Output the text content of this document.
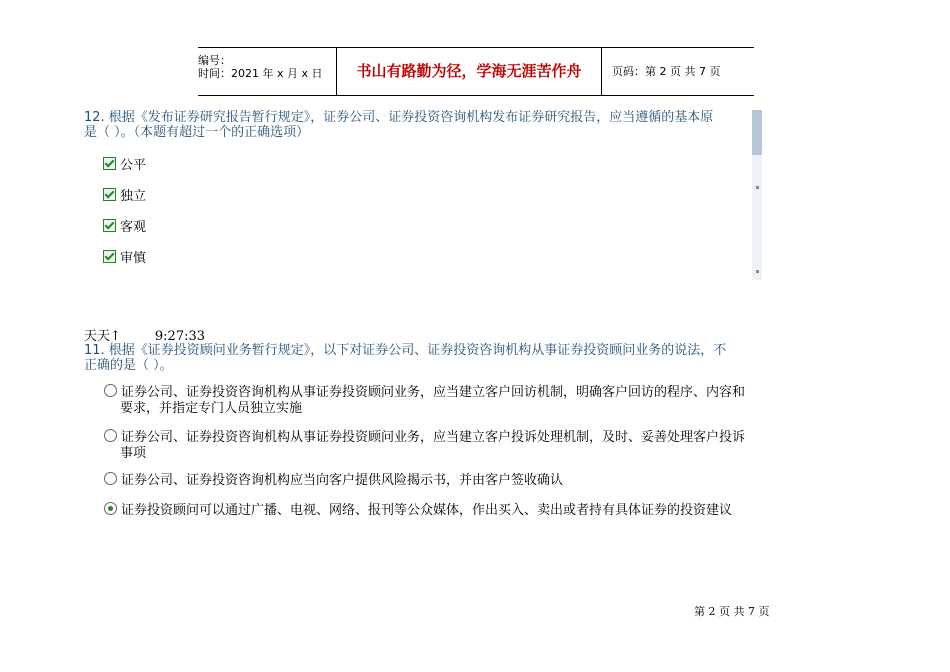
编号：
时间：2021 年 x 月 x 日	书山有路勤为径，学海无涯苦作舟	页码：第 2 页 共 7 页
12. 根据《发布证券研究报告暂行规定》，证券公司、证券投资咨询机构发布证券研究报告，应当遵循的基本原
是（ ）。（本题有超过一个的正确选项）
公平
独立
客观
审慎
天天↑	9:27:33
11. 根据《证券投资顾问业务暂行规定》，以下对证券公司、证券投资咨询机构从事证券投资顾问业务的说法，不
正确的是（ ）。
证券公司、证券投资咨询机构从事证券投资顾问业务，应当建立客户回访机制，明确客户回访的程序、内容和
要求，并指定专门人员独立实施
证券公司、证券投资咨询机构从事证券投资顾问业务，应当建立客户投诉处理机制，及时、妥善处理客户投诉
事项
证券公司、证券投资咨询机构应当向客户提供风险揭示书，并由客户签收确认
证券投资顾问可以通过广播、电视、网络、报刊等公众媒体，作出买入、卖出或者持有具体证券的投资建议
第 2 页 共 7 页
